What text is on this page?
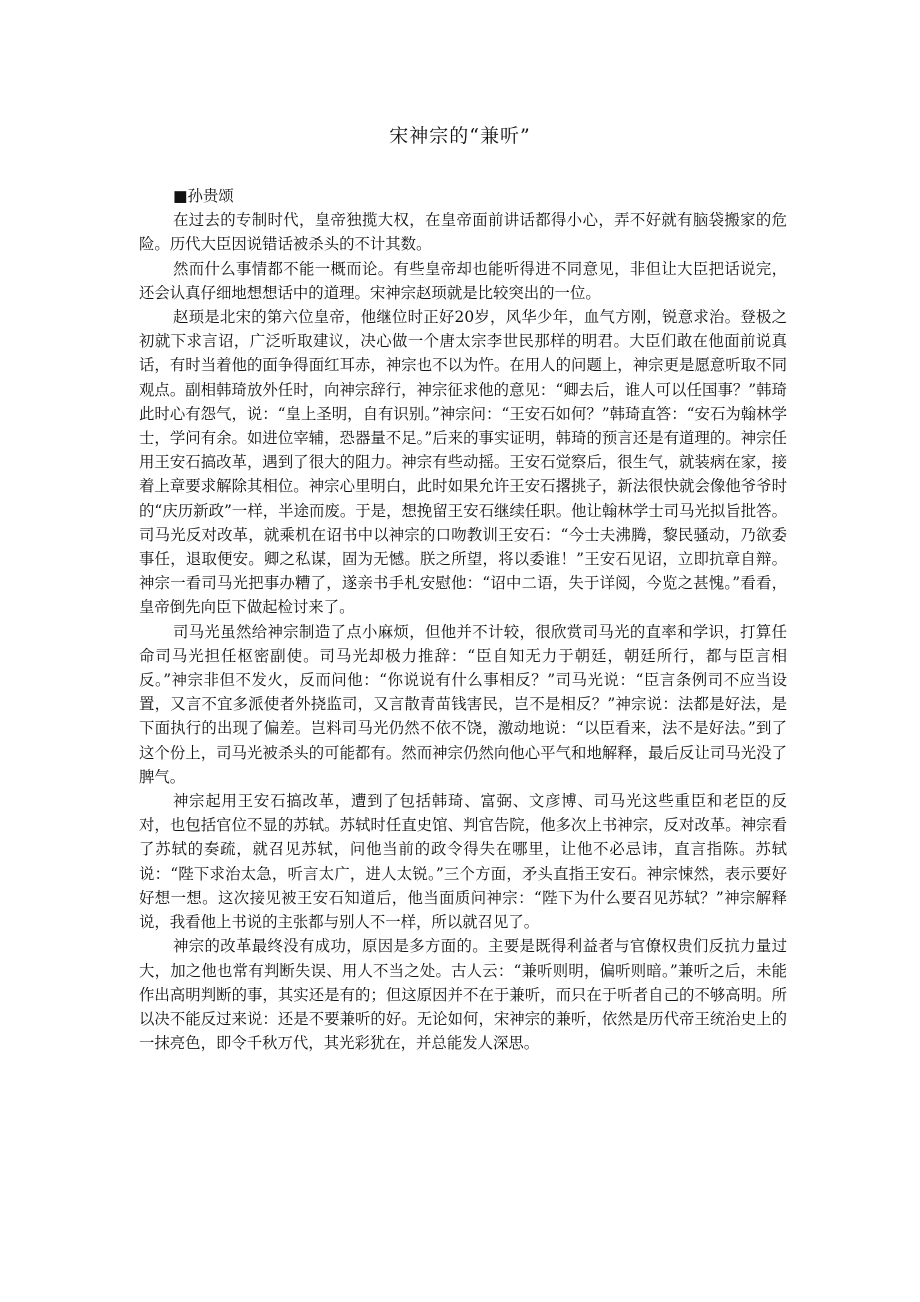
宋神宗的“兼听”
■孙贵颂

在过去的专制时代，皇帝独揽大权，在皇帝面前讲话都得小心，弄不好就有脑袋搬家的危险。历代大臣因说错话被杀头的不计其数。

然而什么事情都不能一概而论。有些皇帝却也能听得进不同意见，非但让大臣把话说完，还会认真仔细地想想话中的道理。宋神宗赵顼就是比较突出的一位。

赵顼是北宋的第六位皇帝，他继位时正好20岁，风华少年，血气方刚，锐意求治。登极之初就下求言诏，广泛听取建议，决心做一个唐太宗李世民那样的明君。大臣们敢在他面前说真话，有时当着他的面争得面红耳赤，神宗也不以为忤。在用人的问题上，神宗更是愿意听取不同观点。副相韩琦放外任时，向神宗辞行，神宗征求他的意见：“卿去后，谁人可以任国事？”韩琦此时心有怨气，说：“皇上圣明，自有识别。”神宗问：“王安石如何？”韩琦直答：“安石为翰林学士，学问有余。如进位宰辅，恐器量不足。”后来的事实证明，韩琦的预言还是有道理的。神宗任用王安石搞改革，遇到了很大的阻力。神宗有些动摇。王安石觉察后，很生气，就装病在家，接着上章要求解除其相位。神宗心里明白，此时如果允许王安石撂挑子，新法很快就会像他爷爷时的“庆历新政”一样，半途而废。于是，想挽留王安石继续任职。他让翰林学士司马光拟旨批答。司马光反对改革，就乘机在诏书中以神宗的口吻教训王安石：“今士夫沸腾，黎民骚动，乃欲委事任，退取便安。卿之私谋，固为无憾。朕之所望，将以委谁！”王安石见诏，立即抗章自辩。神宗一看司马光把事办糟了，遂亲书手札安慰他：“诏中二语，失于详阅，今览之甚愧。”看看，皇帝倒先向臣下做起检讨来了。

司马光虽然给神宗制造了点小麻烦，但他并不计较，很欣赏司马光的直率和学识，打算任命司马光担任枢密副使。司马光却极力推辞：“臣自知无力于朝廷，朝廷所行，都与臣言相反。”神宗非但不发火，反而问他：“你说说有什么事相反？”司马光说：“臣言条例司不应当设置，又言不宜多派使者外挠监司，又言散青苗钱害民，岂不是相反？”神宗说：法都是好法，是下面执行的出现了偏差。岂料司马光仍然不依不饶，激动地说：“以臣看来，法不是好法。”到了这个份上，司马光被杀头的可能都有。然而神宗仍然向他心平气和地解释，最后反让司马光没了脾气。

神宗起用王安石搞改革，遭到了包括韩琦、富弼、文彦博、司马光这些重臣和老臣的反对，也包括官位不显的苏轼。苏轼时任直史馆、判官告院，他多次上书神宗，反对改革。神宗看了苏轼的奏疏，就召见苏轼，问他当前的政令得失在哪里，让他不必忌讳，直言指陈。苏轼说：“陛下求治太急，听言太广，进人太锐。”三个方面，矛头直指王安石。神宗悚然，表示要好好想一想。这次接见被王安石知道后，他当面质问神宗：“陛下为什么要召见苏轼？”神宗解释说，我看他上书说的主张都与别人不一样，所以就召见了。

神宗的改革最终没有成功，原因是多方面的。主要是既得利益者与官僚权贵们反抗力量过大，加之他也常有判断失误、用人不当之处。古人云：“兼听则明，偏听则暗。”兼听之后，未能作出高明判断的事，其实还是有的；但这原因并不在于兼听，而只在于听者自己的不够高明。所以决不能反过来说：还是不要兼听的好。无论如何，宋神宗的兼听，依然是历代帝王统治史上的一抹亮色，即令千秋万代，其光彩犹在，并总能发人深思。
